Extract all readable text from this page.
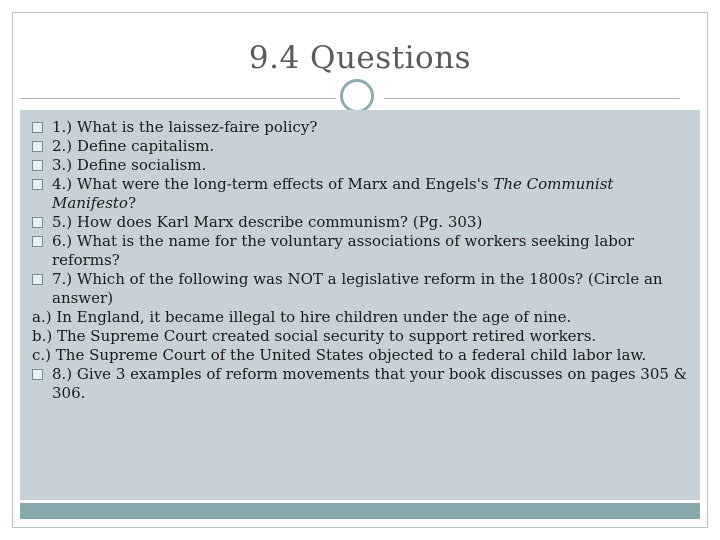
9.4 Questions
1.) What is the laissez-faire policy?
2.) Define capitalism.
3.) Define socialism.
4.) What were the long-term effects of Marx and Engels's The Communist Manifesto?
5.) How does Karl Marx describe communism? (Pg. 303)
6.) What is the name for the voluntary associations of workers seeking labor reforms?
7.) Which of the following was NOT a legislative reform in the 1800s? (Circle an answer)
a.) In England, it became illegal to hire children under the age of nine.
b.) The Supreme Court created social security to support retired workers.
c.) The Supreme Court of the United States objected to a federal child labor law.
8.) Give 3 examples of reform movements that your book discusses on pages 305 & 306.
